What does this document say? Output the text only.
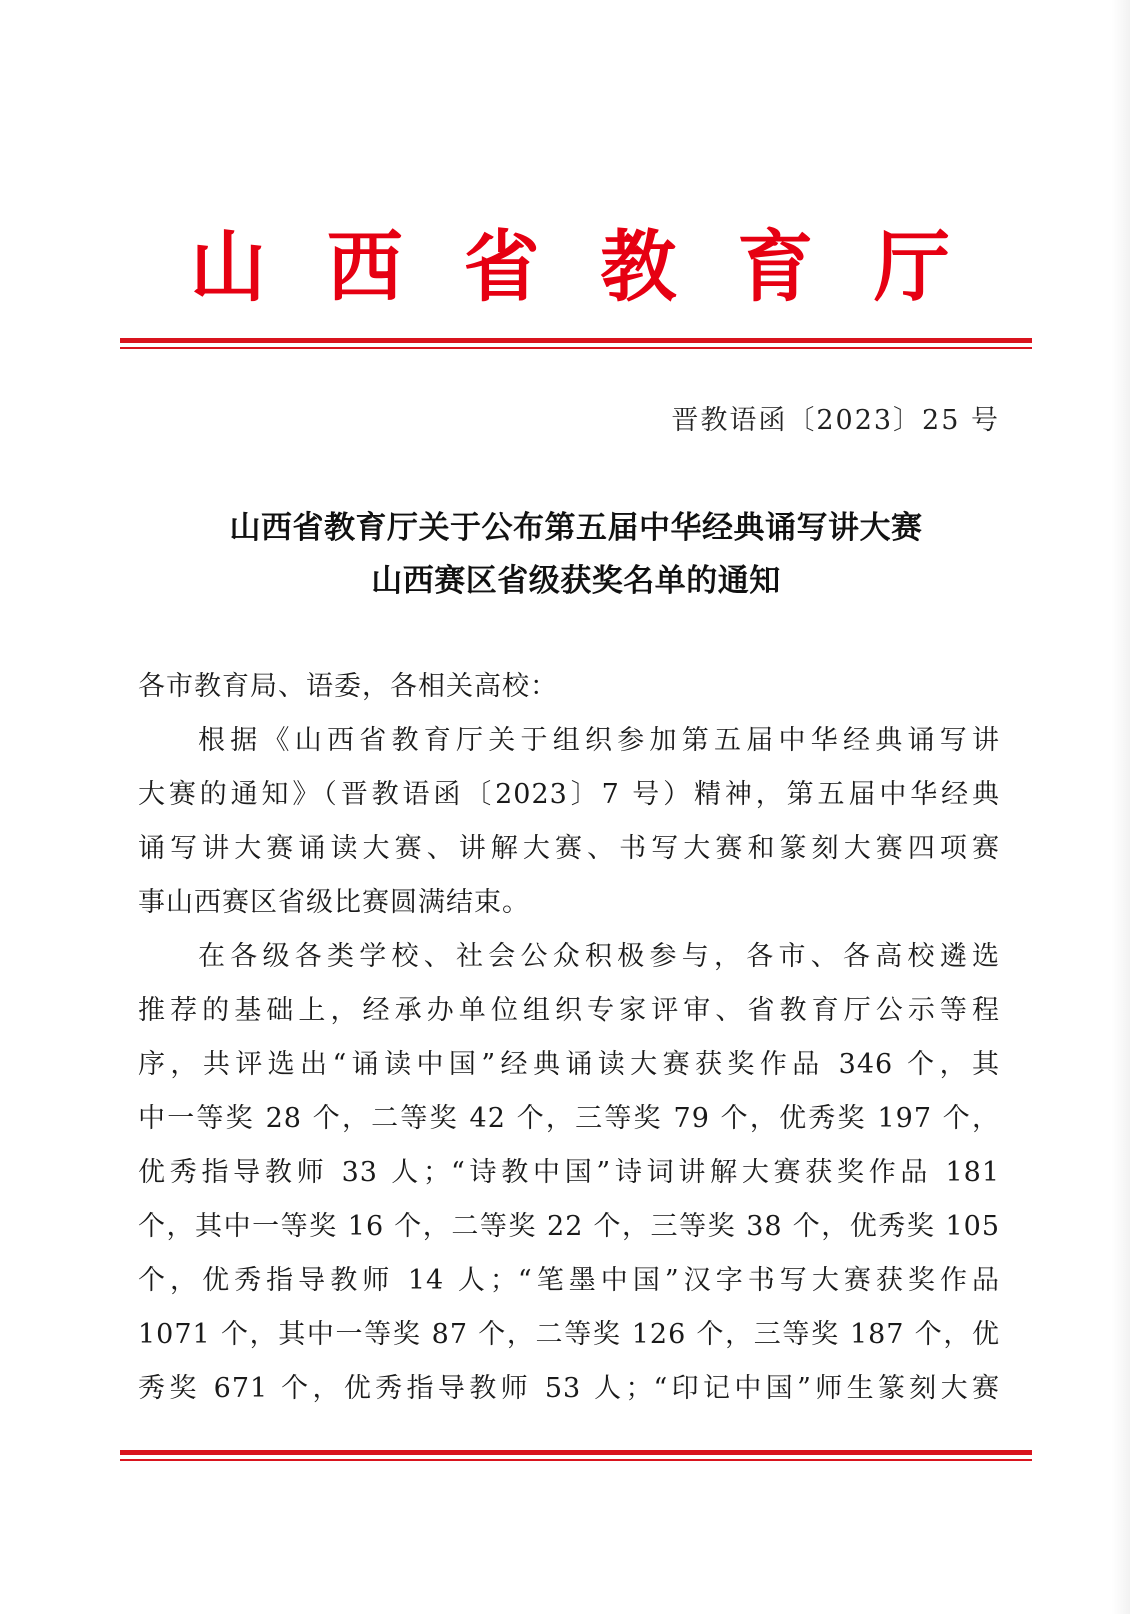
山 西 省 教 育 厅
晋教语函〔2023〕25 号
山西省教育厅关于公布第五届中华经典诵写讲大赛
山西赛区省级获奖名单的通知
各市教育局、语委，各相关高校：
根据《山西省教育厅关于组织参加第五届中华经典诵写讲
大赛的通知》（晋教语函〔2023〕7 号）精神，第五届中华经典
诵写讲大赛诵读大赛、讲解大赛、书写大赛和篆刻大赛四项赛
事山西赛区省级比赛圆满结束。
在各级各类学校、社会公众积极参与，各市、各高校遴选
推荐的基础上，经承办单位组织专家评审、省教育厅公示等程
序，共评选出“诵读中国”经典诵读大赛获奖作品 346 个，其
中一等奖 28 个，二等奖 42 个，三等奖 79 个，优秀奖 197 个，
优秀指导教师 33 人；“诗教中国”诗词讲解大赛获奖作品 181
个，其中一等奖 16 个，二等奖 22 个，三等奖 38 个，优秀奖 105
个，优秀指导教师 14 人；“笔墨中国”汉字书写大赛获奖作品
1071 个，其中一等奖 87 个，二等奖 126 个，三等奖 187 个，优
秀奖 671 个，优秀指导教师 53 人；“印记中国”师生篆刻大赛
